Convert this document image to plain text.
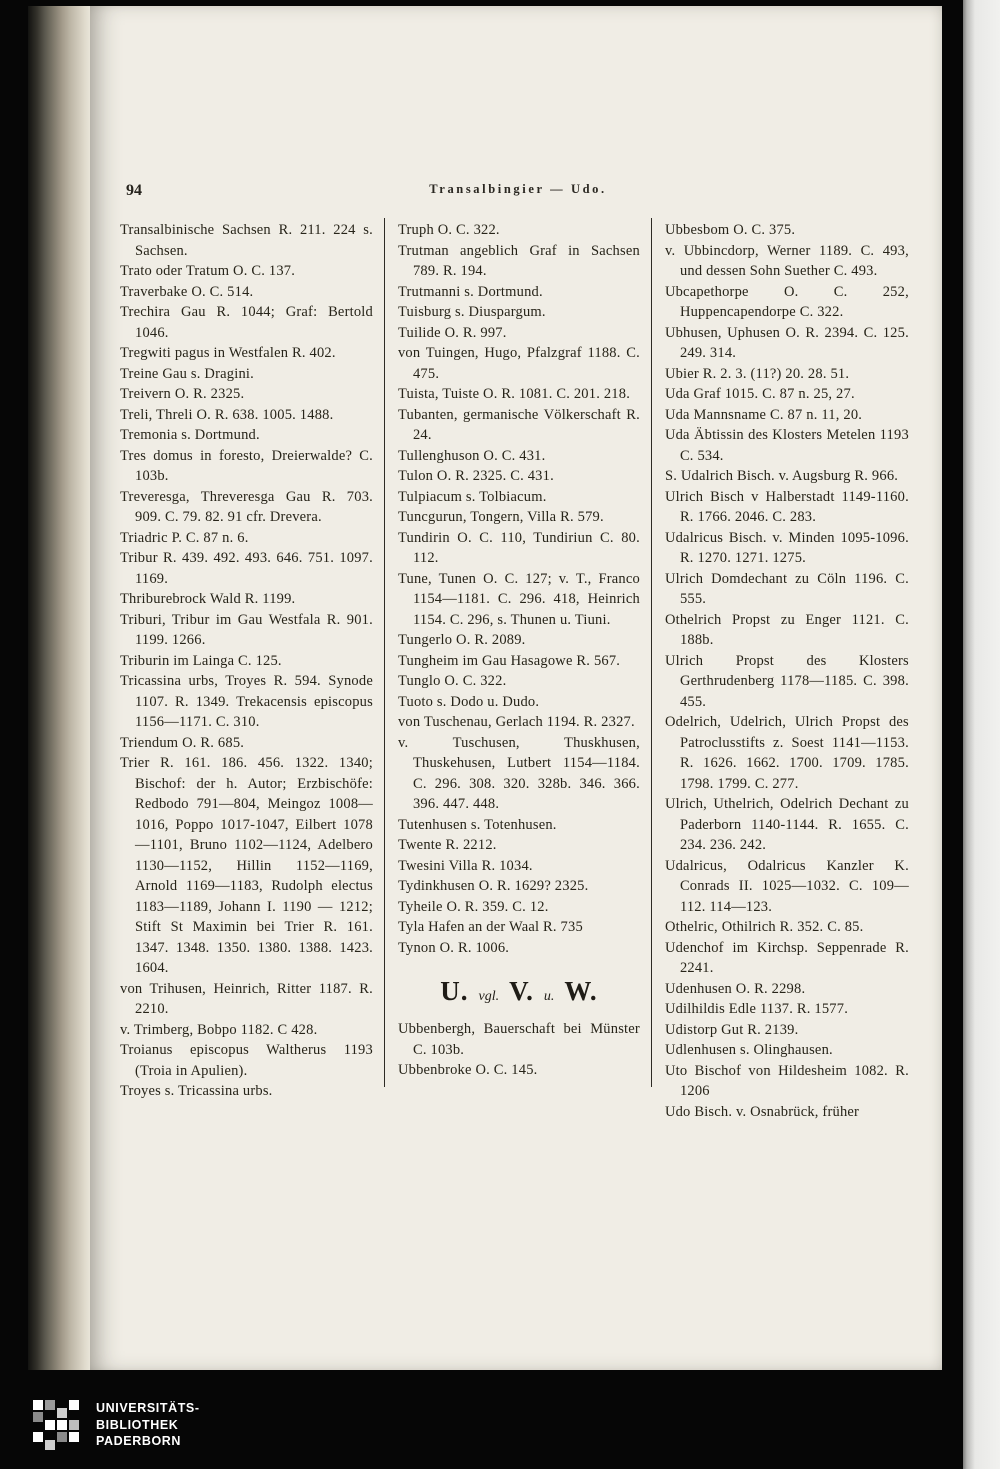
94	Transalbingier — Udo.
Transalbinische Sachsen R. 211. 224 s. Sachsen.
Trato oder Tratum O. C. 137.
Traverbake O. C. 514.
Trechira Gau R. 1044; Graf: Bertold 1046.
Tregwiti pagus in Westfalen R. 402.
Treine Gau s. Dragini.
Treivern O. R. 2325.
Treli, Threli O. R. 638. 1005. 1488.
Tremonia s. Dortmund.
Tres domus in foresto, Dreierwalde? C. 103b.
Treveresga, Threveresga Gau R. 703. 909. C. 79. 82. 91 cfr. Drevera.
Triadric P. C. 87 n. 6.
Tribur R. 439. 492. 493. 646. 751. 1097. 1169.
Thriburebrock Wald R. 1199.
Triburi, Tribur im Gau Westfala R. 901. 1199. 1266.
Triburin im Lainga C. 125.
Tricassina urbs, Troyes R. 594. Synode 1107. R. 1349. Trekacensis episcopus 1156—1171. C. 310.
Triendum O. R. 685.
Trier R. 161. 186. 456. 1322. 1340; Bischof: der h. Autor; Erzbischöfe: Redbodo 791—804, Meingoz 1008—1016, Poppo 1017-1047, Eilbert 1078—1101, Bruno 1102—1124, Adelbero 1130—1152, Hillin 1152—1169, Arnold 1169—1183, Rudolph electus 1183—1189, Johann I. 1190 — 1212; Stift St Maximin bei Trier R. 161. 1347. 1348. 1350. 1380. 1388. 1423. 1604.
von Trihusen, Heinrich, Ritter 1187. R. 2210.
v. Trimberg, Bobpo 1182. C 428.
Troianus episcopus Waltherus 1193 (Troia in Apulien).
Troyes s. Tricassina urbs.
Truph O. C. 322.
Trutman angeblich Graf in Sachsen 789. R. 194.
Trutmanni s. Dortmund.
Tuisburg s. Diuspargum.
Tuilide O. R. 997.
von Tuingen, Hugo, Pfalzgraf 1188. C. 475.
Tuista, Tuiste O. R. 1081. C. 201. 218.
Tubanten, germanische Völkerschaft R. 24.
Tullenghuson O. C. 431.
Tulon O. R. 2325. C. 431.
Tulpiacum s. Tolbiacum.
Tuncgurun, Tongern, Villa R. 579.
Tundirin O. C. 110, Tundiriun C. 80. 112.
Tune, Tunen O. C. 127; v. T., Franco 1154—1181. C. 296. 418, Heinrich 1154. C. 296, s. Thunen u. Tiuni.
Tungerlo O. R. 2089.
Tungheim im Gau Hasagowe R. 567.
Tunglo O. C. 322.
Tuoto s. Dodo u. Dudo.
von Tuschenau, Gerlach 1194. R. 2327.
v. Tuschusen, Thuskhusen, Thuskehusen, Lutbert 1154—1184. C. 296. 308. 320. 328b. 346. 366. 396. 447. 448.
Tutenhusen s. Totenhusen.
Twente R. 2212.
Twesini Villa R. 1034.
Tydinkhusen O. R. 1629? 2325.
Tyheile O. R. 359. C. 12.
Tyla Hafen an der Waal R. 735
Tynon O. R. 1006.
U. vgl. V. u. W.
Ubbenbergh, Bauerschaft bei Münster C. 103b.
Ubbenbroke O. C. 145.
Ubbesbom O. C. 375.
v. Ubbincdorp, Werner 1189. C. 493, und dessen Sohn Suether C. 493.
Ubcapethorpe O. C. 252, Huppencapendorpe C. 322.
Ubhusen, Uphusen O. R. 2394. C. 125. 249. 314.
Ubier R. 2. 3. (11?) 20. 28. 51.
Uda Graf 1015. C. 87 n. 25, 27.
Uda Mannsname C. 87 n. 11, 20.
Uda Äbtissin des Klosters Metelen 1193 C. 534.
S. Udalrich Bisch. v. Augsburg R. 966.
Ulrich Bisch v Halberstadt 1149-1160. R. 1766. 2046. C. 283.
Udalricus Bisch. v. Minden 1095-1096. R. 1270. 1271. 1275.
Ulrich Domdechant zu Cöln 1196. C. 555.
Othelrich Propst zu Enger 1121. C. 188b.
Ulrich Propst des Klosters Gerthrudenberg 1178—1185. C. 398. 455.
Odelrich, Udelrich, Ulrich Propst des Patroclusstifts z. Soest 1141—1153. R. 1626. 1662. 1700. 1709. 1785. 1798. 1799. C. 277.
Ulrich, Uthelrich, Odelrich Dechant zu Paderborn 1140-1144. R. 1655. C. 234. 236. 242.
Udalricus, Odalricus Kanzler K. Conrads II. 1025—1032. C. 109—112. 114—123.
Othelric, Othilrich R. 352. C. 85.
Udenchof im Kirchsp. Seppenrade R. 2241.
Udenhusen O. R. 2298.
Udilhildis Edle 1137. R. 1577.
Udistorp Gut R. 2139.
Udlenhusen s. Olinghausen.
Uto Bischof von Hildesheim 1082. R. 1206
Udo Bisch. v. Osnabrück, früher
UNIVERSITÄTS-
BIBLIOTHEK
PADERBORN
